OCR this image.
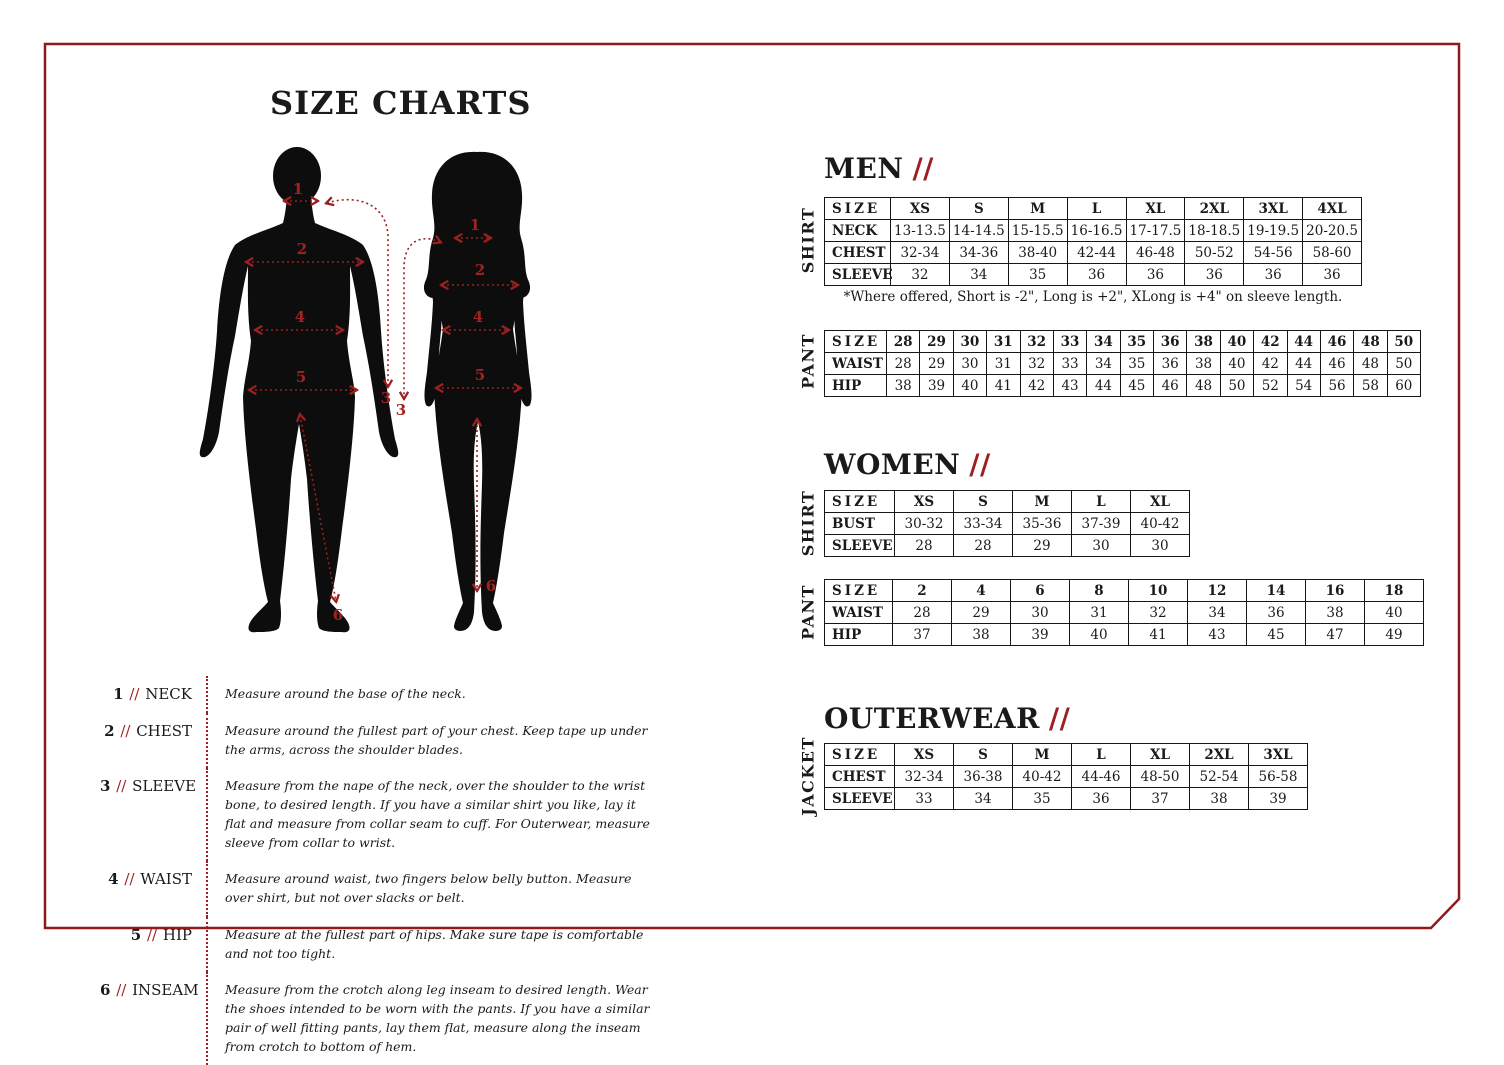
SIZE CHARTS
1
2
3
4
5
6
1
2
3
4
5
6
MEN //
SHIRT SIZE	XS	S	M	L	XL	2XL	3XL	4XL
NECK	13-13.5	14-14.5	15-15.5	16-16.5	17-17.5	18-18.5	19-19.5	20-20.5
CHEST	32-34	34-36	38-40	42-44	46-48	50-52	54-56	58-60
SLEEVE	32	34	35	36	36	36	36	36
*Where offered, Short is -2", Long is +2", XLong is +4" on sleeve length.
PANT SIZE	28	29	30	31	32	33	34	35	36	38	40	42	44	46	48	50
WAIST	28	29	30	31	32	33	34	35	36	38	40	42	44	46	48	50
HIP	38	39	40	41	42	43	44	45	46	48	50	52	54	56	58	60
WOMEN //
SHIRT SIZE	XS	S	M	L	XL
BUST	30-32	33-34	35-36	37-39	40-42
SLEEVE	28	28	29	30	30
PANT SIZE	2	4	6	8	10	12	14	16	18
WAIST	28	29	30	31	32	34	36	38	40
HIP	37	38	39	40	41	43	45	47	49
OUTERWEAR //
JACKET SIZE	XS	S	M	L	XL	2XL	3XL
CHEST	32-34	36-38	40-42	44-46	48-50	52-54	56-58
SLEEVE	33	34	35	36	37	38	39
1 // NECK	Measure around the base of the neck.
2 // CHEST	Measure around the fullest part of your chest. Keep tape up under the arms, across the shoulder blades.
3 // SLEEVE	Measure from the nape of the neck, over the shoulder to the wrist bone, to desired length. If you have a similar shirt you like, lay it flat and measure from collar seam to cuff. For Outerwear, measure sleeve from collar to wrist.
4 // WAIST	Measure around waist, two fingers below belly button. Measure over shirt, but not over slacks or belt.
5 // HIP	Measure at the fullest part of hips. Make sure tape is comfortable and not too tight.
6 // INSEAM	Measure from the crotch along leg inseam to desired length. Wear the shoes intended to be worn with the pants. If you have a similar pair of well fitting pants, lay them flat, measure along the inseam from crotch to bottom of hem.
